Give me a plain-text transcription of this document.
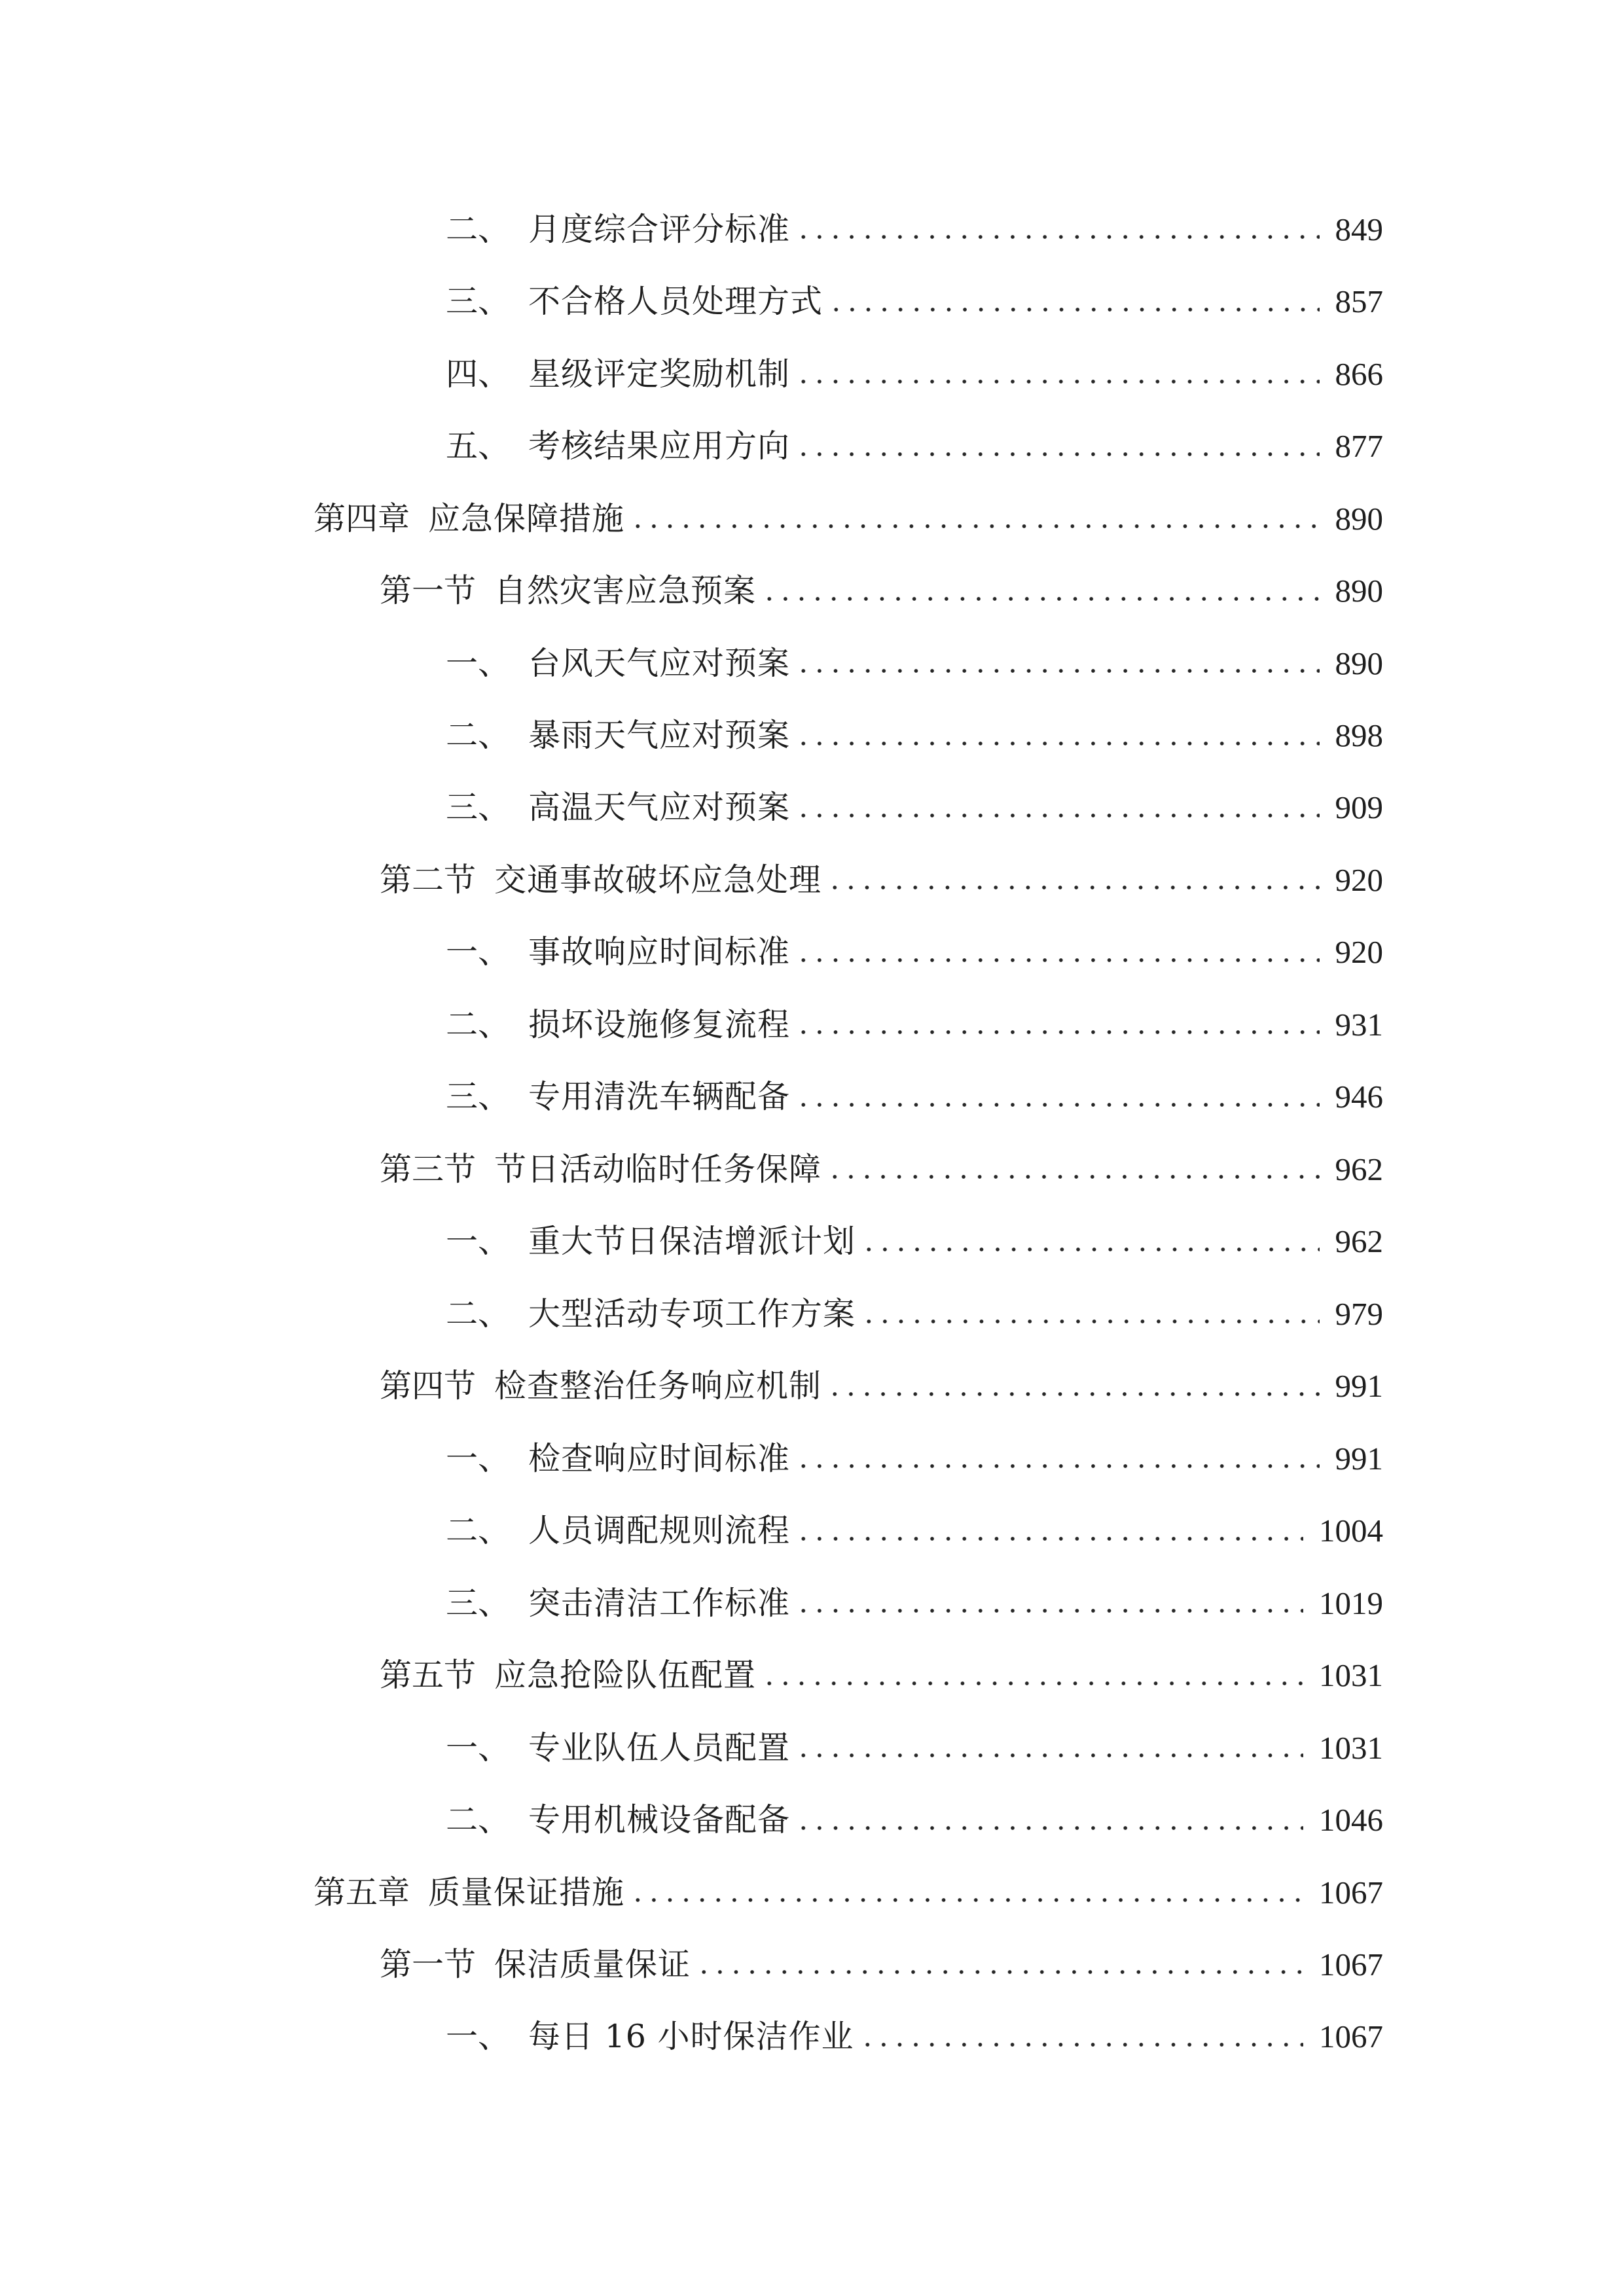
二、 月度综合评分标准	849
三、 不合格人员处理方式	857
四、 星级评定奖励机制	866
五、 考核结果应用方向	877
第四章 应急保障措施	890
第一节 自然灾害应急预案	890
一、 台风天气应对预案	890
二、 暴雨天气应对预案	898
三、 高温天气应对预案	909
第二节 交通事故破坏应急处理	920
一、 事故响应时间标准	920
二、 损坏设施修复流程	931
三、 专用清洗车辆配备	946
第三节 节日活动临时任务保障	962
一、 重大节日保洁增派计划	962
二、 大型活动专项工作方案	979
第四节 检查整治任务响应机制	991
一、 检查响应时间标准	991
二、 人员调配规则流程	1004
三、 突击清洁工作标准	1019
第五节 应急抢险队伍配置	1031
一、 专业队伍人员配置	1031
二、 专用机械设备配备	1046
第五章 质量保证措施	1067
第一节 保洁质量保证	1067
一、 每日 16 小时保洁作业	1067
